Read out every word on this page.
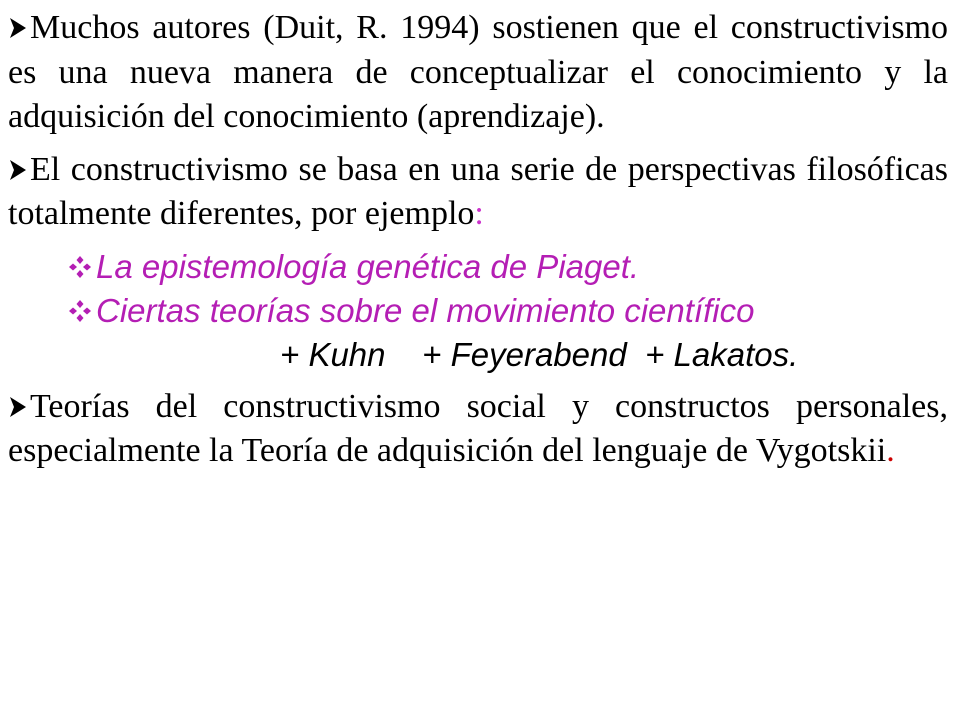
Muchos autores (Duit, R. 1994) sostienen que el constructivismo es una nueva manera de conceptualizar el conocimiento y la adquisición del conocimiento (aprendizaje).

El constructivismo se basa en una serie de perspectivas filosóficas totalmente diferentes, por ejemplo:

La epistemología genética de Piaget.

Ciertas teorías sobre el movimiento científico

+ Kuhn    + Feyerabend  + Lakatos.

Teorías del constructivismo social y constructos personales, especialmente la Teoría de adquisición del lenguaje de Vygotskii.
